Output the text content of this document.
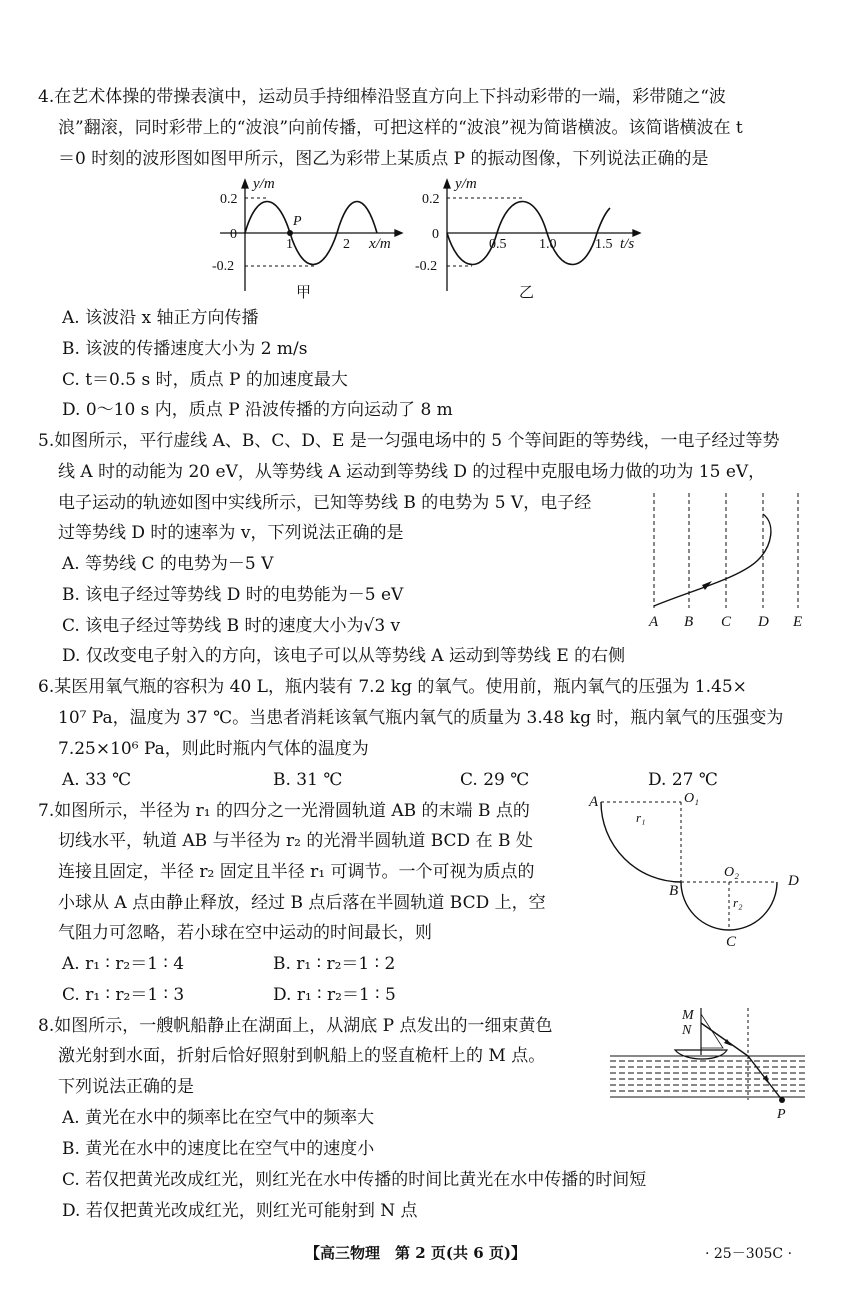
4.在艺术体操的带操表演中，运动员手持细棒沿竖直方向上下抖动彩带的一端，彩带随之“波
浪”翻滚，同时彩带上的“波浪”向前传播，可把这样的“波浪”视为简谐横波。该简谐横波在 t
＝0 时刻的波形图如图甲所示，图乙为彩带上某质点 P 的振动图像，下列说法正确的是
y/m
0.2
0
-0.2
P
1	2 x/m
甲
y/m
0.2
0
-0.2
0.5 1.0	1.5 t/s
乙
A. 该波沿 x 轴正方向传播
B. 该波的传播速度大小为 2 m/s
C. t＝0.5 s 时，质点 P 的加速度最大
D. 0～10 s 内，质点 P 沿波传播的方向运动了 8 m
5.如图所示，平行虚线 A、B、C、D、E 是一匀强电场中的 5 个等间距的等势线，一电子经过等势
线 A 时的动能为 20 eV，从等势线 A 运动到等势线 D 的过程中克服电场力做的功为 15 eV，
电子运动的轨迹如图中实线所示，已知等势线 B 的电势为 5 V，电子经
过等势线 D 时的速率为 v，下列说法正确的是
A B C D E
A. 等势线 C 的电势为－5 V
B. 该电子经过等势线 D 时的电势能为－5 eV
C. 该电子经过等势线 B 时的速度大小为√3 v
D. 仅改变电子射入的方向，该电子可以从等势线 A 运动到等势线 E 的右侧
6.某医用氧气瓶的容积为 40 L，瓶内装有 7.2 kg 的氧气。使用前，瓶内氧气的压强为 1.45×
10⁷ Pa，温度为 37 ℃。当患者消耗该氧气瓶内氧气的质量为 3.48 kg 时，瓶内氧气的压强变为
7.25×10⁶ Pa，则此时瓶内气体的温度为
A. 33 ℃	B. 31 ℃	C. 29 ℃	D. 27 ℃
7.如图所示，半径为 r₁ 的四分之一光滑圆轨道 AB 的末端 B 点的
切线水平，轨道 AB 与半径为 r₂ 的光滑半圆轨道 BCD 在 B 处
连接且固定，半径 r₂ 固定且半径 r₁ 可调节。一个可视为质点的
小球从 A 点由静止释放，经过 B 点后落在半圆轨道 BCD 上，空
气阻力可忽略，若小球在空中运动的时间最长，则
A	O₁
r₁
B
O₂
D
r₂
C
A. r₁ ∶ r₂＝1 ∶ 4	B. r₁ ∶ r₂＝1 ∶ 2
C. r₁ ∶ r₂＝1 ∶ 3	D. r₁ ∶ r₂＝1 ∶ 5
8.如图所示，一艘帆船静止在湖面上，从湖底 P 点发出的一细束黄色
激光射到水面，折射后恰好照射到帆船上的竖直桅杆上的 M 点。
下列说法正确的是
M
N
P
A. 黄光在水中的频率比在空气中的频率大
B. 黄光在水中的速度比在空气中的速度小
C. 若仅把黄光改成红光，则红光在水中传播的时间比黄光在水中传播的时间短
D. 若仅把黄光改成红光，则红光可能射到 N 点
【高三物理　第 2 页(共 6 页)】	· 25－305C ·
